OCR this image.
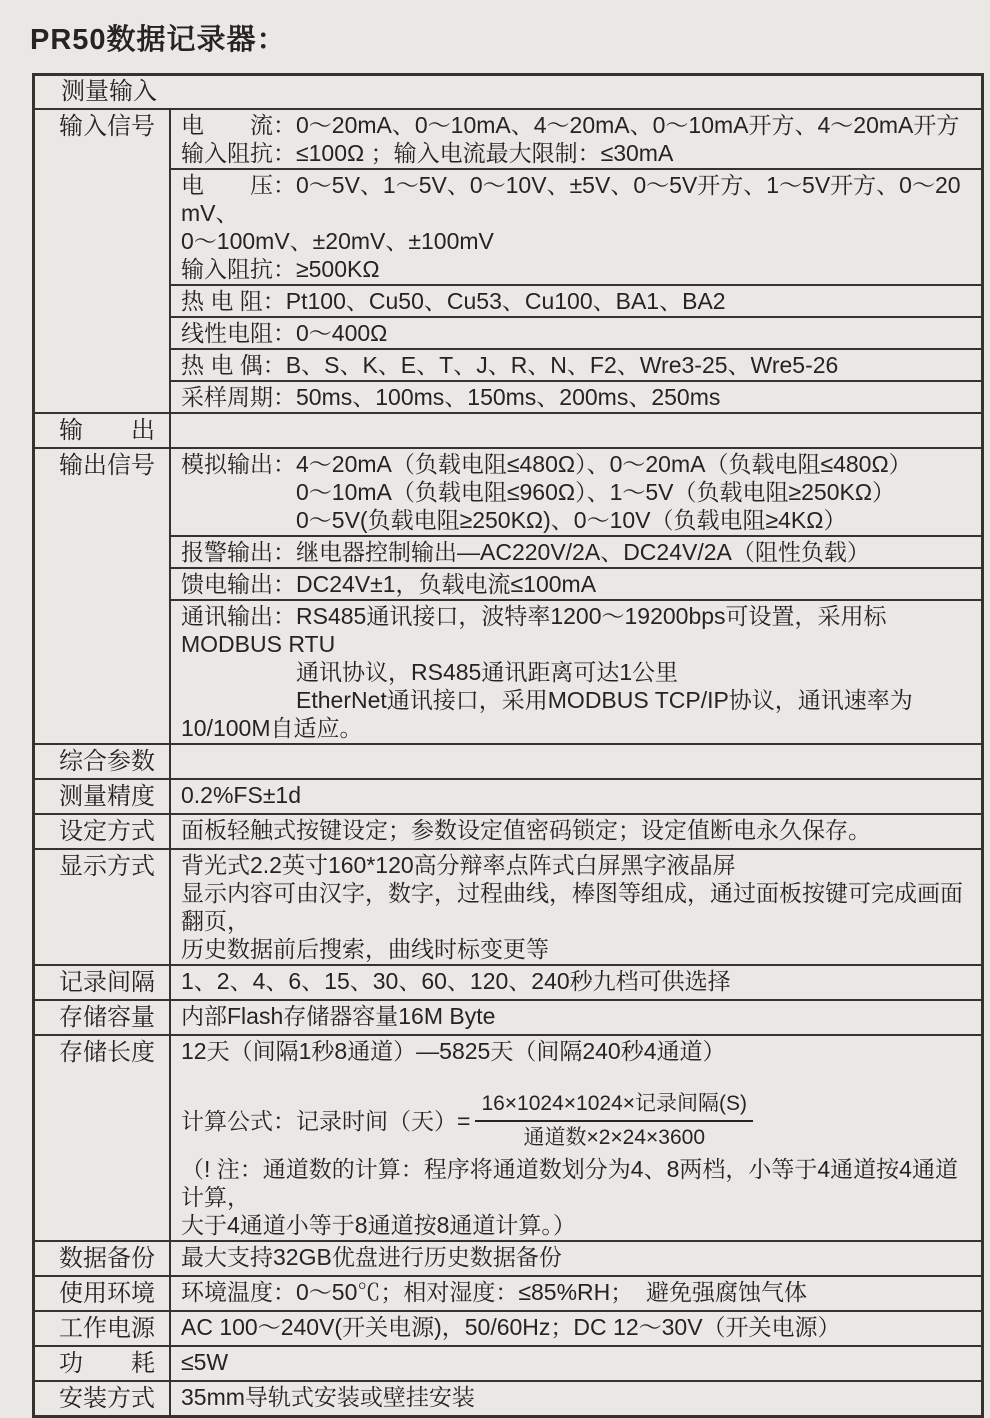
PR50数据记录器：
测量输入
输入信号	电　　流：0～20mA、0～10mA、4～20mA、0～10mA开方、4～20mA开方
输入阻抗：≤100Ω ；输入电流最大限制：≤30mA
电　　压：0～5V、1～5V、0～10V、±5V、0～5V开方、1～5V开方、0～20 mV、
0～100mV、±20mV、±100mV
输入阻抗：≥500KΩ
热 电 阻：Pt100、Cu50、Cu53、Cu100、BA1、BA2
线性电阻：0～400Ω
热 电 偶：B、S、K、E、T、J、R、N、F2、Wre3-25、Wre5-26
采样周期：50ms、100ms、150ms、200ms、250ms
输　　出
输出信号	模拟输出：4～20mA（负载电阻≤480Ω）、0～20mA（负载电阻≤480Ω）
　　　　　0～10mA（负载电阻≤960Ω）、1～5V（负载电阻≥250KΩ）
　　　　　0～5V(负载电阻≥250KΩ)、0～10V（负载电阻≥4KΩ）
报警输出：继电器控制输出—AC220V/2A、DC24V/2A（阻性负载）
馈电输出：DC24V±1，负载电流≤100mA
通讯输出：RS485通讯接口，波特率1200～19200bps可设置，采用标MODBUS RTU
　　　　　通讯协议，RS485通讯距离可达1公里
　　　　　EtherNet通讯接口，采用MODBUS TCP/IP协议，通讯速率为10/100M自适应。
综合参数
测量精度	0.2%FS±1d
设定方式	面板轻触式按键设定；参数设定值密码锁定；设定值断电永久保存。
显示方式	背光式2.2英寸160*120高分辩率点阵式白屏黑字液晶屏
显示内容可由汉字，数字，过程曲线，棒图等组成，通过面板按键可完成画面翻页，
历史数据前后搜索，曲线时标变更等
记录间隔	1、2、4、6、15、30、60、120、240秒九档可供选择
存储容量	内部Flash存储器容量16M Byte
存储长度	12天（间隔1秒8通道）—5825天（间隔240秒4通道）
计算公式：记录时间（天）= $\frac{\text{16×1024×1024×记录间隔(S)}}{\text{通道数×2×24×3600}}$
（! 注：通道数的计算：程序将通道数划分为4、8两档，小等于4通道按4通道计算，
大于4通道小等于8通道按8通道计算。）
数据备份	最大支持32GB优盘进行历史数据备份
使用环境	环境温度：0～50℃；相对湿度：≤85%RH；  避免强腐蚀气体
工作电源	AC 100～240V(开关电源)，50/60Hz；DC 12～30V（开关电源）
功　　耗	≤5W
安装方式	35mm导轨式安装或壁挂安装
